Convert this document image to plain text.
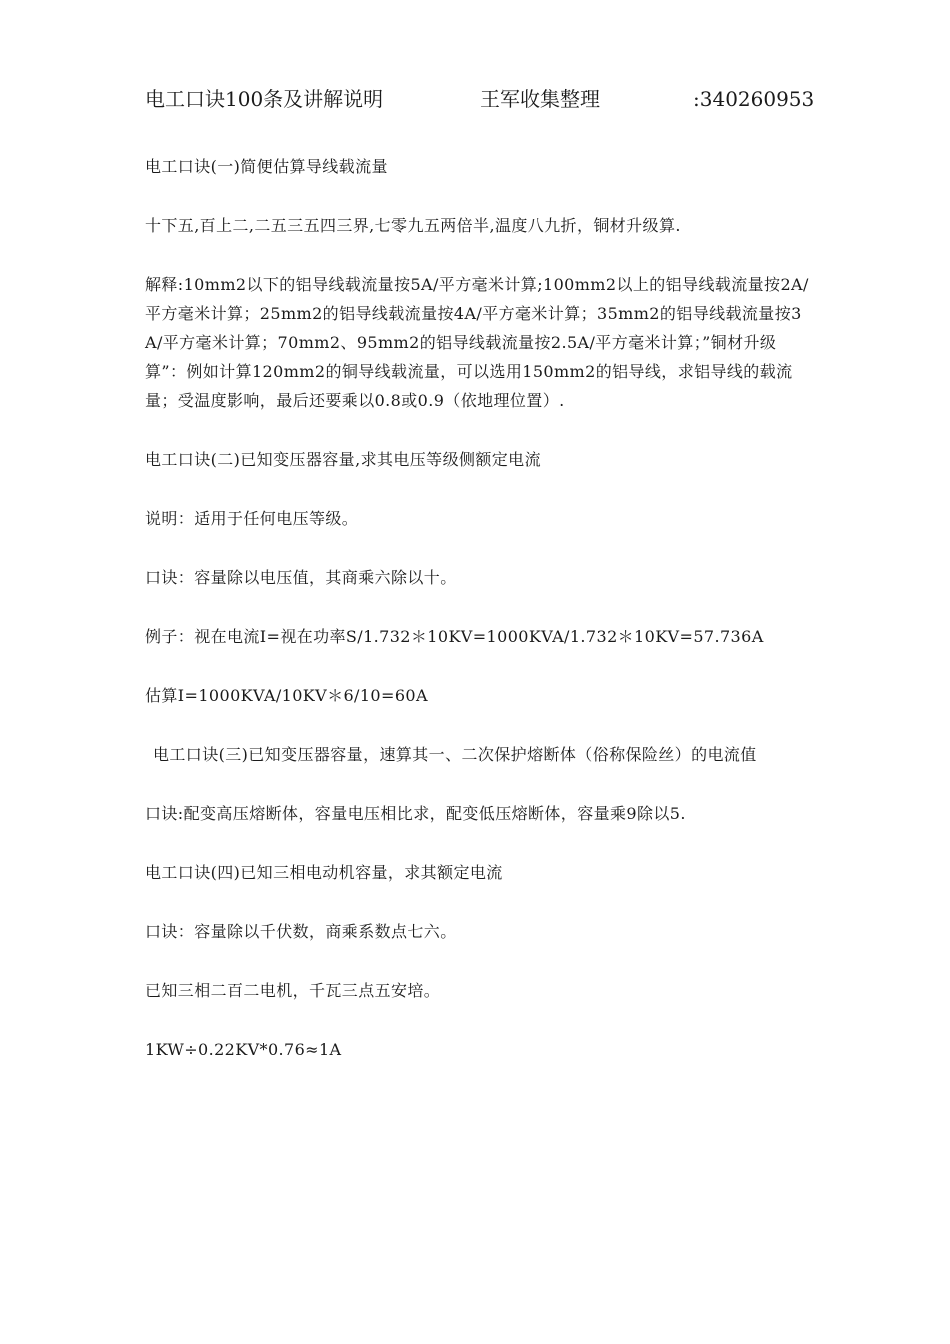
电工口诀100条及讲解说明	王军收集整理	:340260953

电工口诀(一)简便估算导线载流量

十下五,百上二,二五三五四三界,七零九五两倍半,温度八九折，铜材升级算.

解释:10mm2以下的铝导线载流量按5A/平方毫米计算;100mm2以上的铝导线载流量按2A/平方毫米计算；25mm2的铝导线载流量按4A/平方毫米计算；35mm2的铝导线载流量按3A/平方毫米计算；70mm2、95mm2的铝导线载流量按2.5A/平方毫米计算；”铜材升级算”：例如计算120mm2的铜导线载流量，可以选用150mm2的铝导线，求铝导线的载流量；受温度影响，最后还要乘以0.8或0.9（依地理位置）.

电工口诀(二)已知变压器容量,求其电压等级侧额定电流

说明：适用于任何电压等级。

口诀：容量除以电压值，其商乘六除以十。

例子：视在电流I=视在功率S/1.732＊10KV=1000KVA/1.732＊10KV=57.736A

估算I=1000KVA/10KV＊6/10=60A

电工口诀(三)已知变压器容量，速算其一、二次保护熔断体（俗称保险丝）的电流值

口诀:配变高压熔断体，容量电压相比求，配变低压熔断体，容量乘9除以5.

电工口诀(四)已知三相电动机容量，求其额定电流

口诀：容量除以千伏数，商乘系数点七六。

已知三相二百二电机，千瓦三点五安培。

1KW÷0.22KV*0.76≈1A
